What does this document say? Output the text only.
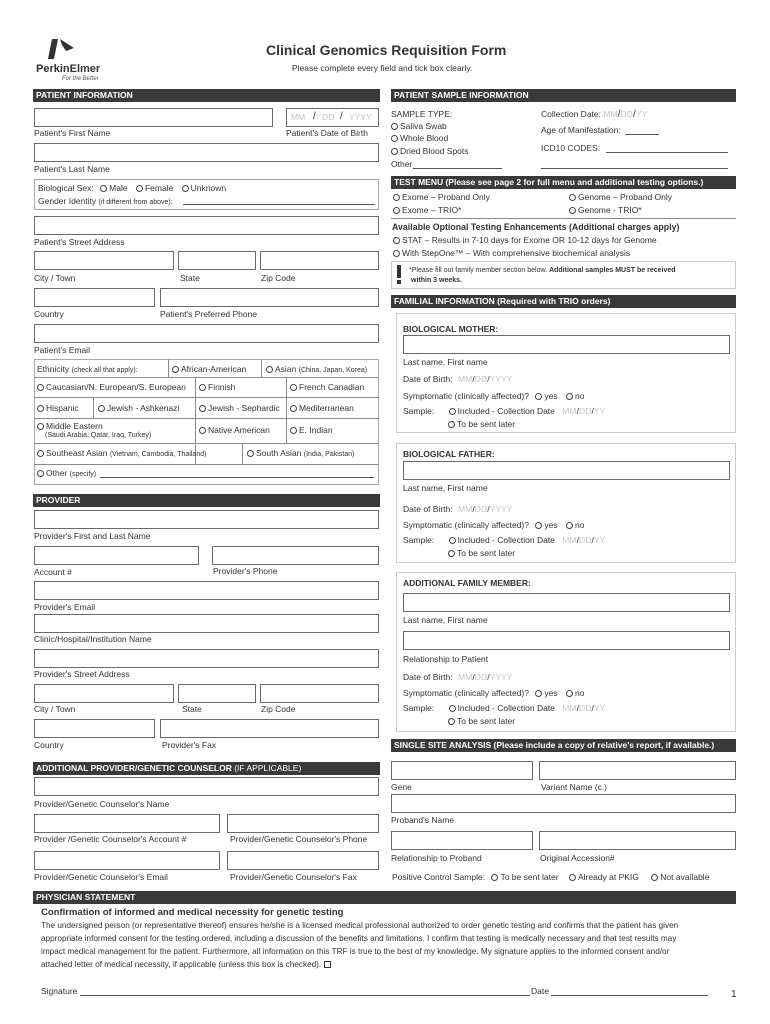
PerkinElmer
For the Better
Clinical Genomics Requisition Form
Please complete every field and tick box clearly.
PATIENT INFORMATION
MM / DD / YYYY
Patient's First Name	Patient's Date of Birth
Patient's Last Name
Biological Sex: Male Female Unknown
Gender Identity (if different from above):
Patient's Street Address
City / Town	State	Zip Code
Country	Patient's Preferred Phone
Patient's Email
Ethnicity (check all that apply):	African-American	Asian (China, Japan, Korea)
Caucasian/N. European/S. European	Finnish	French Canadian
Hispanic	Jewish - Ashkenazi	Jewish - Sephardic	Mediterranean
Middle Eastern
(Saudi Arabia, Qatar, Iraq, Turkey)
Native American	E. Indian
Southeast Asian (Vietnam, Cambodia, Thailand)	South Asian (India, Pakistan)
Other (specify)
PROVIDER
Provider's First and Last Name
Account #	Provider's Phone
Provider's Email
Clinic/Hospital/Institution Name
Provider's Street Address
City / Town	State	Zip Code
Country	Provider's Fax
ADDITIONAL PROVIDER/GENETIC COUNSELOR (IF APPLICABLE)
Provider/Genetic Counselor's Name
Provider /Genetic Counselor's Account #	Provider/Genetic Counselor's Phone
Provider/Genetic Counselor's Email	Provider/Genetic Counselor's Fax
PATIENT SAMPLE INFORMATION
SAMPLE TYPE:
Saliva Swab
Whole Blood
Dried Blood Spots
Other
Collection Date: MM/DD/YY
Age of Manifestation:
ICD10 CODES:
TEST MENU (Please see page 2 for full menu and additional testing options.)
Exome – Proband Only
Exome – TRIO*
Genome – Proband Only
Genome - TRIO*
Available Optional Testing Enhancements (Additional charges apply)
STAT – Results in 7-10 days for Exome OR 10-12 days for Genome
With StepOne™ – With comprehensive biochemical analysis
*Please fill out family member section below. Additional samples MUST be received
within 3 weeks.
FAMILIAL INFORMATION (Required with TRIO orders)
BIOLOGICAL MOTHER:
Last name, First name
Date of Birth: MM/DD/YYYY
Symptomatic (clinically affected)? yes no
Sample:	Included - Collection Date MM/DD/YY
To be sent later
BIOLOGICAL FATHER:
Last name, First name
Date of Birth: MM/DD/YYYY
Symptomatic (clinically affected)? yes no
Sample:	Included - Collection Date MM/DD/YY
To be sent later
ADDITIONAL FAMILY MEMBER:
Last name, First name
Relationship to Patient
Date of Birth: MM/DD/YYYY
Symptomatic (clinically affected)? yes no
Sample:	Included - Collection Date MM/DD/YY
To be sent later
SINGLE SITE ANALYSIS (Please include a copy of relative's report, if available.)
Gene	Variant Name (c.)
Proband's Name
Relationship to Proband	Original Accession#
Positive Control Sample: To be sent later Already at PKIG	Not available
PHYSICIAN STATEMENT
Confirmation of informed and medical necessity for genetic testing
The undersigned person (or representative thereof) ensures he/she is a licensed medical professional authorized to order genetic testing and confirms that the patient has given
appropriate informed consent for the testing ordered, including a discussion of the benefits and limitations. I confirm that testing is medically necessary and that test results may
impact medical management for the patient. Furthermore, all information on this TRF is true to the best of my knowledge. My signature applies to the informed consent and/or
attached letter of medical necessity, if applicable (unless this box is checked).
Signature	Date	1
